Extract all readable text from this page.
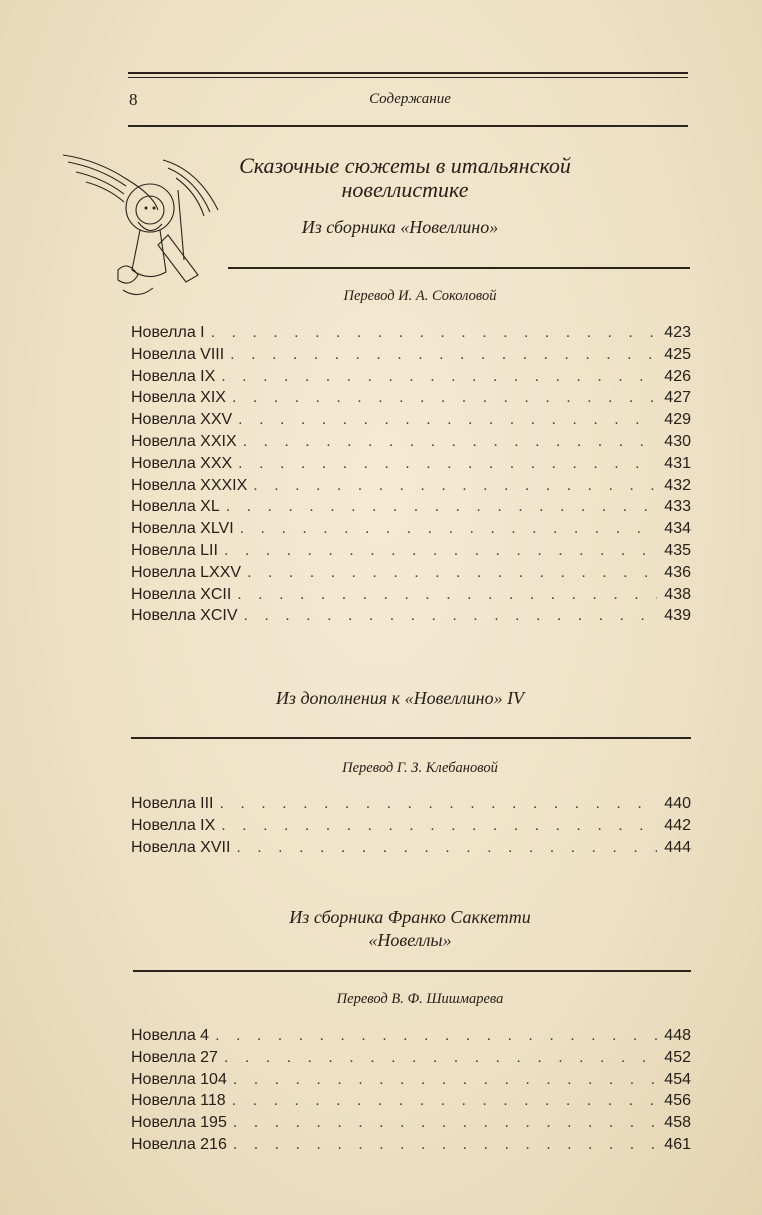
8	Содержание
Сказочные сюжеты в итальянской новеллистике
Из сборника «Новеллино»
Перевод И. А. Соколовой
Новелла I . . .	423
Новелла VIII . . .	425
Новелла IX . . .	426
Новелла XIX . . .	427
Новелла XXV . . .	429
Новелла XXIX . . .	430
Новелла XXX . . .	431
Новелла XXXIX . . .	432
Новелла XL . . .	433
Новелла XLVI . . .	434
Новелла LII . . .	435
Новелла LXXV . . .	436
Новелла XCII . . .	438
Новелла XCIV . . .	439
Из дополнения к «Новеллино» IV
Перевод Г. З. Клебановой
Новелла III . . .	440
Новелла IX . . .	442
Новелла XVII . . .	444
Из сборника Франко Саккетти
«Новеллы»
Перевод В. Ф. Шишмарева
Новелла 4 . . .	448
Новелла 27 . . .	452
Новелла 104 . . .	454
Новелла 118 . . .	456
Новелла 195 . . .	458
Новелла 216 . . .	461
